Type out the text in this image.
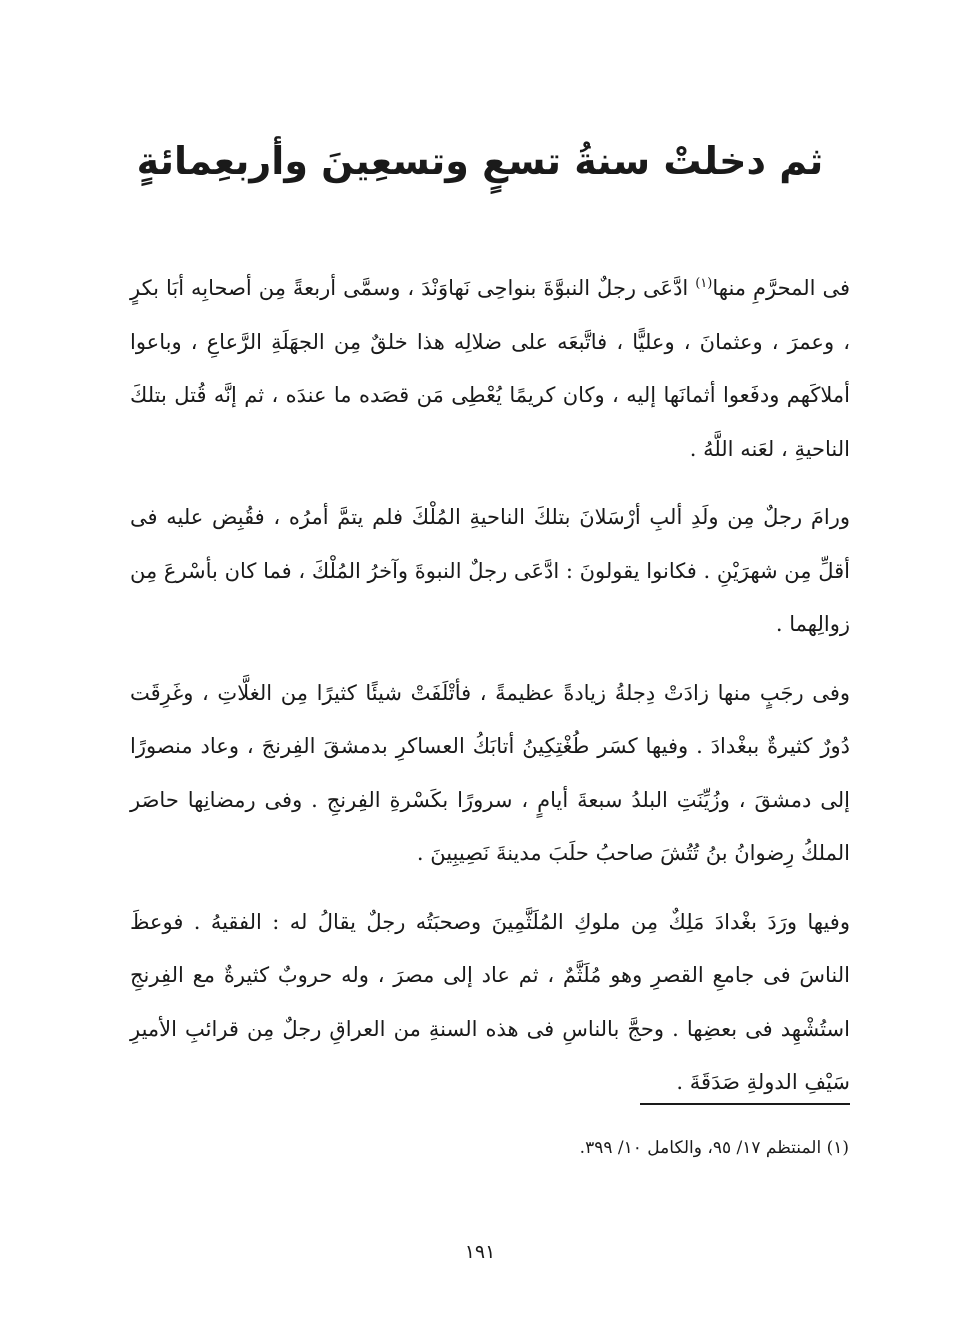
ثم دخلتْ سنةُ تسعٍ وتسعِينَ وأربعِمائةٍ

فى المحرَّمِ منها$^{(١)}$ ادَّعَى رجلٌ النبوَّةَ بنواحِى نَهاوَنْدَ ، وسمَّى أربعةً مِن أصحابِه أبَا بكرٍ ، وعمرَ ، وعثمانَ ، وعليًّا ، فاتَّبعَه على ضلالِه هذا خلقٌ مِن الجهَلَةِ الرَّعاعِ ، وباعوا أملاكَهم ودفَعوا أثمانَها إليه ، وكان كريمًا يُعْطِى مَن قصَده ما عندَه ، ثم إنَّه قُتل بتلكَ الناحيةِ ، لعَنه اللَّهُ .

ورامَ رجلٌ مِن ولَدِ ألبِ أرْسَلانَ بتلكَ الناحيةِ المُلْكَ فلم يتمَّ أمرُه ، فقُبِض عليه فى أقلِّ مِن شهرَيْنِ . فكانوا يقولونَ : ادَّعَى رجلٌ النبوةَ وآخرُ المُلْكَ ، فما كان بأسْرعَ مِن زوالِهما .

وفى رجَبٍ منها زادَتْ دِجلةُ زيادةً عظيمةً ، فأتْلَفَتْ شيئًا كثيرًا مِن الغلَّاتِ ، وغَرِقَت دُورٌ كثيرةٌ ببغْدادَ . وفيها كسَر طُغْتِكِينُ أتابَكُ العساكرِ بدمشقَ الفِرنجَ ، وعاد منصورًا إلى دمشقَ ، وزُيِّنَتِ البلدُ سبعةَ أيامٍ ، سرورًا بكَسْرةِ الفِرنجِ . وفى رمضانِها حاصَر الملكُ رِضوانُ بنُ تُتُشَ صاحبُ حلَبَ مدينةَ نَصِيبِينَ .

وفيها ورَدَ بغْدادَ مَلِكٌ مِن ملوكِ المُلَثَّمِينَ وصحبَتُه رجلٌ يقالُ له : الفقيهُ . فوعظَ الناسَ فى جامعِ القصرِ وهو مُلَثَّمٌ ، ثم عاد إلى مصرَ ، وله حروبٌ كثيرةٌ مع الفِرنجِ استُشْهِد فى بعضِها . وحجَّ بالناسِ فى هذه السنةِ من العراقِ رجلٌ مِن قرائبِ الأميرِ سَيْفِ الدولةِ صَدَقَةَ .

(١) المنتظم ١٧/ ٩٥، والكامل ١٠/ ٣٩٩.

١٩١
